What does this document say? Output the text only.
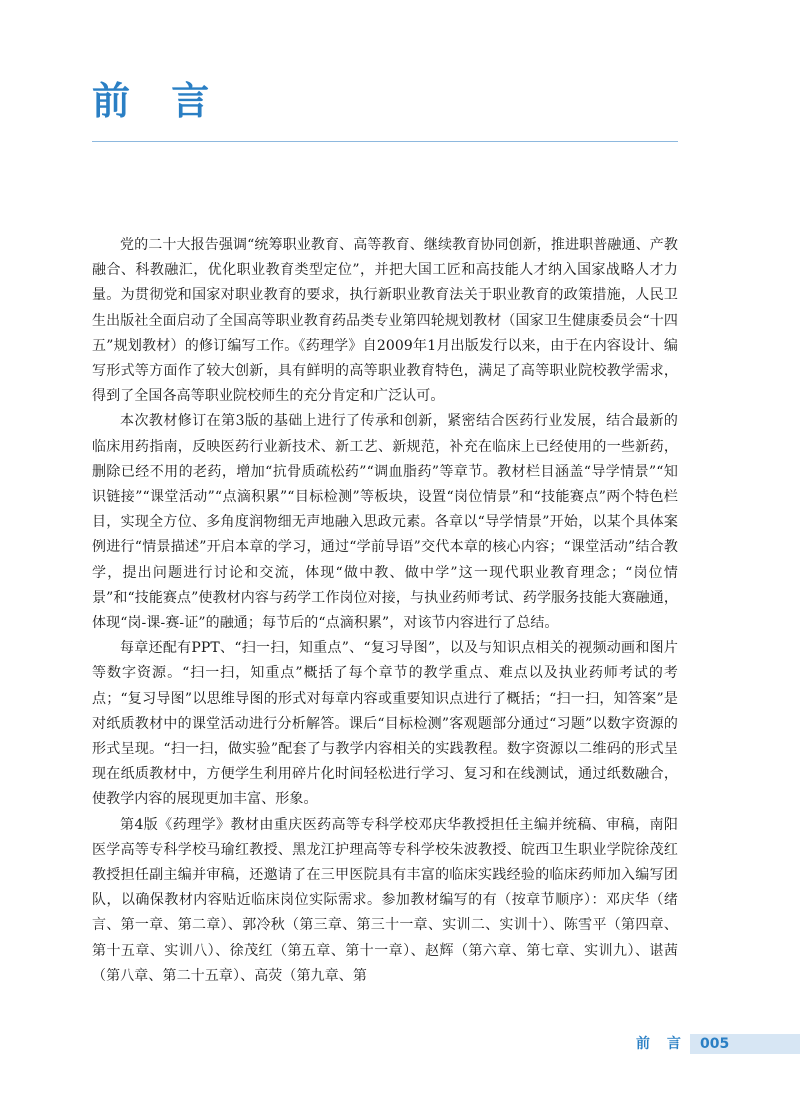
前 言

党的二十大报告强调“统筹职业教育、高等教育、继续教育协同创新，推进职普融通、产教融合、科教融汇，优化职业教育类型定位”，并把大国工匠和高技能人才纳入国家战略人才力量。为贯彻党和国家对职业教育的要求，执行新职业教育法关于职业教育的政策措施，人民卫生出版社全面启动了全国高等职业教育药品类专业第四轮规划教材（国家卫生健康委员会“十四五”规划教材）的修订编写工作。《药理学》自2009年1月出版发行以来，由于在内容设计、编写形式等方面作了较大创新，具有鲜明的高等职业教育特色，满足了高等职业院校教学需求，得到了全国各高等职业院校师生的充分肯定和广泛认可。

本次教材修订在第3版的基础上进行了传承和创新，紧密结合医药行业发展，结合最新的临床用药指南，反映医药行业新技术、新工艺、新规范，补充在临床上已经使用的一些新药，删除已经不用的老药，增加“抗骨质疏松药”“调血脂药”等章节。教材栏目涵盖“导学情景”“知识链接”“课堂活动”“点滴积累”“目标检测”等板块，设置“岗位情景”和“技能赛点”两个特色栏目，实现全方位、多角度润物细无声地融入思政元素。各章以“导学情景”开始，以某个具体案例进行“情景描述”开启本章的学习，通过“学前导语”交代本章的核心内容；“课堂活动”结合教学，提出问题进行讨论和交流，体现“做中教、做中学”这一现代职业教育理念；“岗位情景”和“技能赛点”使教材内容与药学工作岗位对接，与执业药师考试、药学服务技能大赛融通，体现“岗-课-赛-证”的融通；每节后的“点滴积累”，对该节内容进行了总结。

每章还配有PPT、“扫一扫，知重点”、“复习导图”，以及与知识点相关的视频动画和图片等数字资源。“扫一扫，知重点”概括了每个章节的教学重点、难点以及执业药师考试的考点；“复习导图”以思维导图的形式对每章内容或重要知识点进行了概括；“扫一扫，知答案”是对纸质教材中的课堂活动进行分析解答。课后“目标检测”客观题部分通过“习题”以数字资源的形式呈现。“扫一扫，做实验”配套了与教学内容相关的实践教程。数字资源以二维码的形式呈现在纸质教材中，方便学生利用碎片化时间轻松进行学习、复习和在线测试，通过纸数融合，使教学内容的展现更加丰富、形象。

第4版《药理学》教材由重庆医药高等专科学校邓庆华教授担任主编并统稿、审稿，南阳医学高等专科学校马瑜红教授、黑龙江护理高等专科学校朱波教授、皖西卫生职业学院徐茂红教授担任副主编并审稿，还邀请了在三甲医院具有丰富的临床实践经验的临床药师加入编写团队，以确保教材内容贴近临床岗位实际需求。参加教材编写的有（按章节顺序）：邓庆华（绪言、第一章、第二章）、郭冷秋（第三章、第三十一章、实训二、实训十）、陈雪平（第四章、第十五章、实训八）、徐茂红（第五章、第十一章）、赵辉（第六章、第七章、实训九）、谌茜（第八章、第二十五章）、高荧（第九章、第

前 言 005
